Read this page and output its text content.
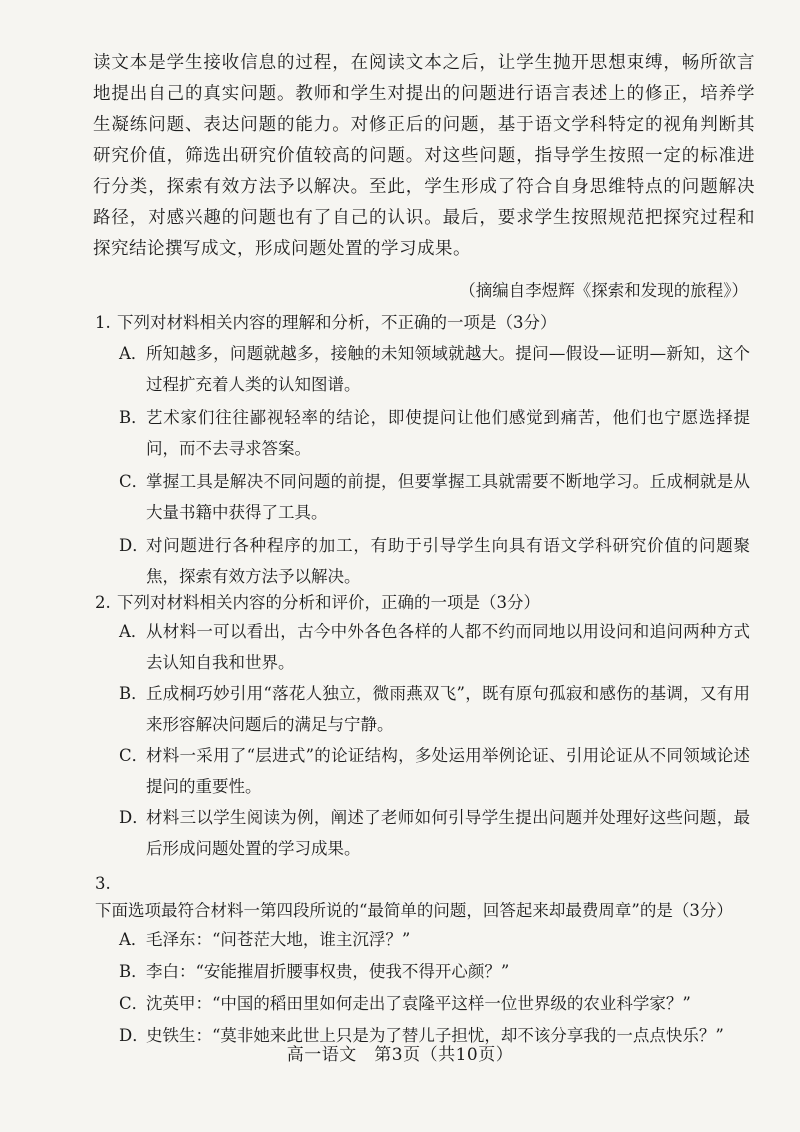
读文本是学生接收信息的过程，在阅读文本之后，让学生抛开思想束缚，畅所欲言地提出自己的真实问题。教师和学生对提出的问题进行语言表述上的修正，培养学生凝练问题、表达问题的能力。对修正后的问题，基于语文学科特定的视角判断其研究价值，筛选出研究价值较高的问题。对这些问题，指导学生按照一定的标准进行分类，探索有效方法予以解决。至此，学生形成了符合自身思维特点的问题解决路径，对感兴趣的问题也有了自己的认识。最后，要求学生按照规范把探究过程和探究结论撰写成文，形成问题处置的学习成果。

（摘编自李煜辉《探索和发现的旅程》）
1. 下列对材料相关内容的理解和分析，不正确的一项是（3分）
A．
所知越多，问题就越多，接触的未知领域就越大。提问—假设—证明—新知，这个过程扩充着人类的认知图谱。
B．
艺术家们往往鄙视轻率的结论，即使提问让他们感觉到痛苦，他们也宁愿选择提问，而不去寻求答案。
C．
掌握工具是解决不同问题的前提，但要掌握工具就需要不断地学习。丘成桐就是从大量书籍中获得了工具。
D．
对问题进行各种程序的加工，有助于引导学生向具有语文学科研究价值的问题聚焦，探索有效方法予以解决。
2. 下列对材料相关内容的分析和评价，正确的一项是（3分）
A．
从材料一可以看出，古今中外各色各样的人都不约而同地以用设问和追问两种方式去认知自我和世界。
B．
丘成桐巧妙引用“落花人独立，微雨燕双飞”，既有原句孤寂和感伤的基调，又有用来形容解决问题后的满足与宁静。
C．
材料一采用了“层进式”的论证结构，多处运用举例论证、引用论证从不同领域论述提问的重要性。
D．
材料三以学生阅读为例，阐述了老师如何引导学生提出问题并处理好这些问题，最后形成问题处置的学习成果。
3.下面选项最符合材料一第四段所说的“最简单的问题，回答起来却最费周章”的是（3分）
A．
毛泽东：“问苍茫大地，谁主沉浮？”
B．
李白：“安能摧眉折腰事权贵，使我不得开心颜？”
C．
沈英甲：“中国的稻田里如何走出了袁隆平这样一位世界级的农业科学家？”
D．
史铁生：“莫非她来此世上只是为了替儿子担忧，却不该分享我的一点点快乐？”
高一语文　第3页（共10页）
